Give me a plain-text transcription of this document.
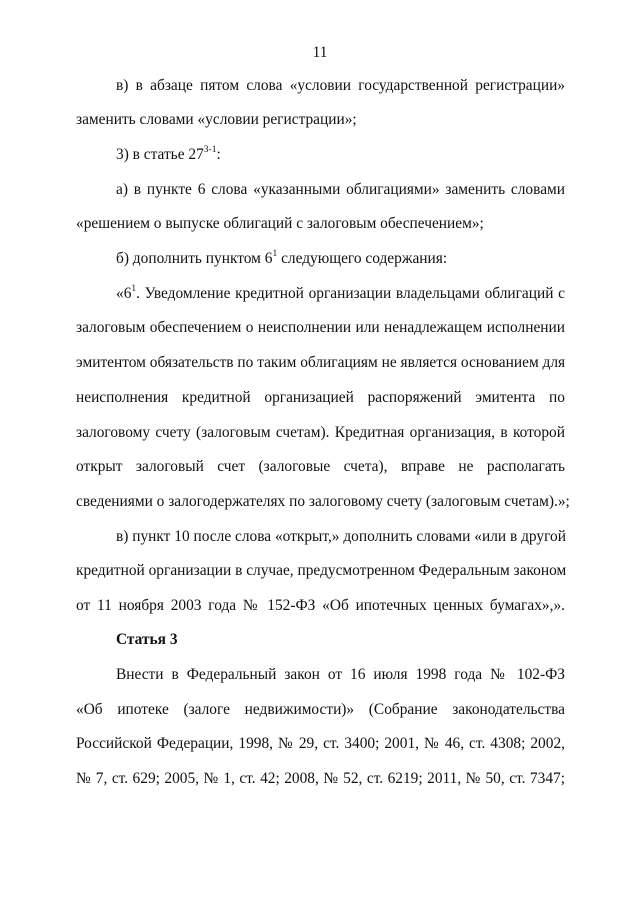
11
в) в абзаце пятом слова «условии государственной регистрации»
заменить словами «условии регистрации»;
3) в статье 27$^{3-1}$:
а) в пункте 6 слова «указанными облигациями» заменить словами
«решением о выпуске облигаций с залоговым обеспечением»;
б) дополнить пунктом $6^1$ следующего содержания:
«$6^1$. Уведомление кредитной организации владельцами облигаций с
залоговым обеспечением о неисполнении или ненадлежащем исполнении
эмитентом обязательств по таким облигациям не является основанием для
неисполнения кредитной организацией распоряжений эмитента по
залоговому счету (залоговым счетам). Кредитная организация, в которой
открыт залоговый счет (залоговые счета), вправе не располагать
сведениями о залогодержателях по залоговому счету (залоговым счетам).»;
в) пункт 10 после слова «открыт,» дополнить словами «или в другой
кредитной организации в случае, предусмотренном Федеральным законом
от 11 ноября 2003 года № 152-ФЗ «Об ипотечных ценных бумагах»,».
Статья 3
Внести в Федеральный закон от 16 июля 1998 года № 102-ФЗ
«Об ипотеке (залоге недвижимости)» (Собрание законодательства
Российской Федерации, 1998, № 29, ст. 3400; 2001, № 46, ст. 4308; 2002,
№ 7, ст. 629; 2005, № 1, ст. 42; 2008, № 52, ст. 6219; 2011, № 50, ст. 7347;
